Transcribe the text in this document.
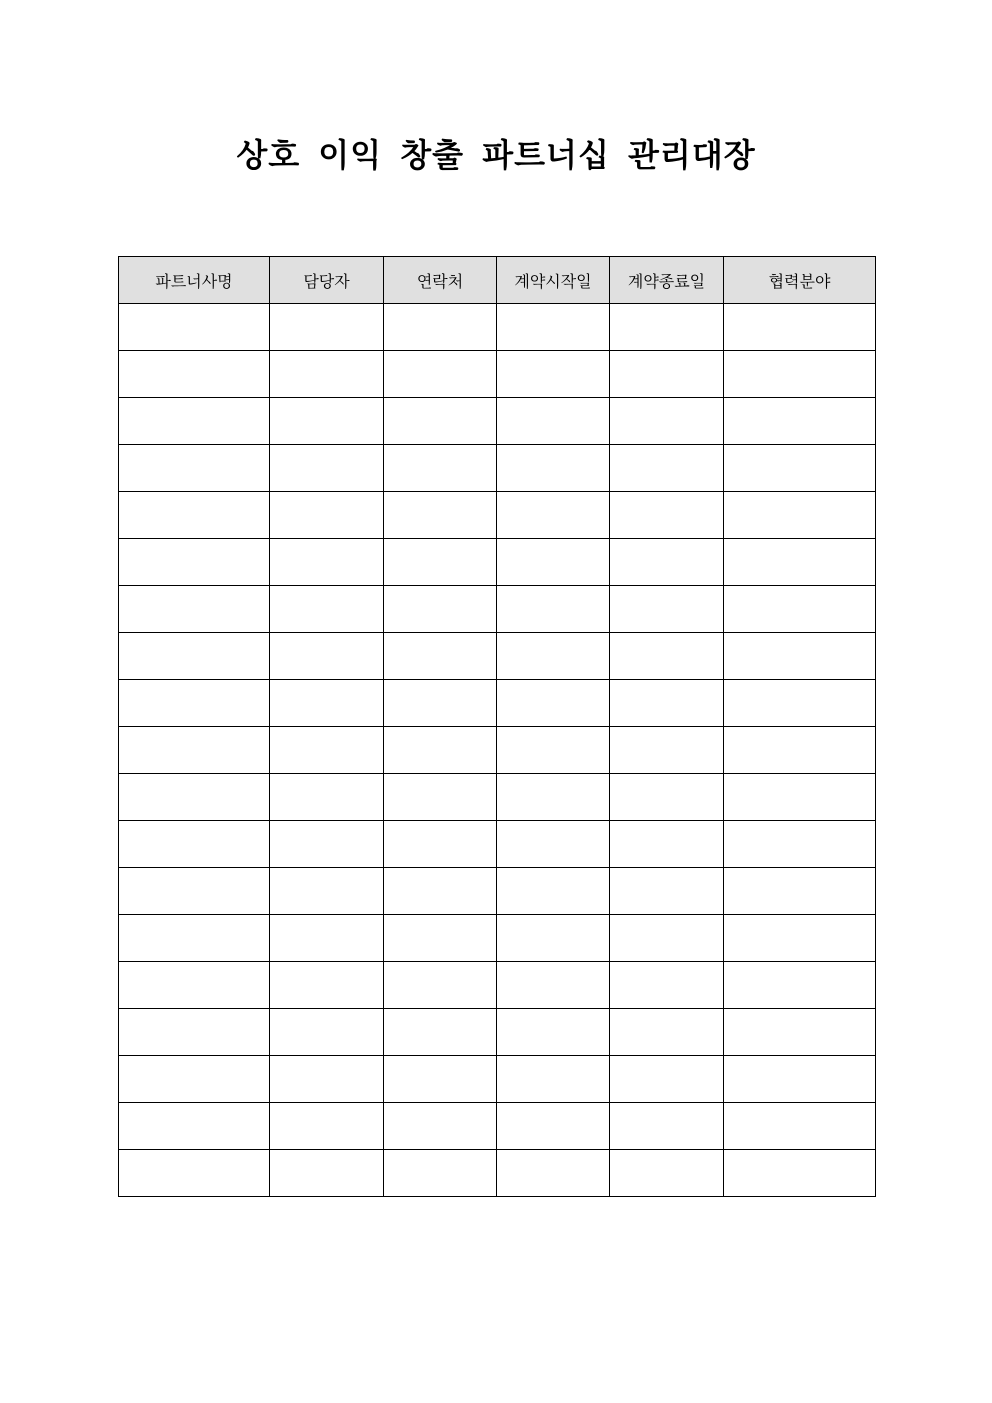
상호 이익 창출 파트너십 관리대장
파트너사명	담당자	연락처	계약시작일	계약종료일	협력분야
